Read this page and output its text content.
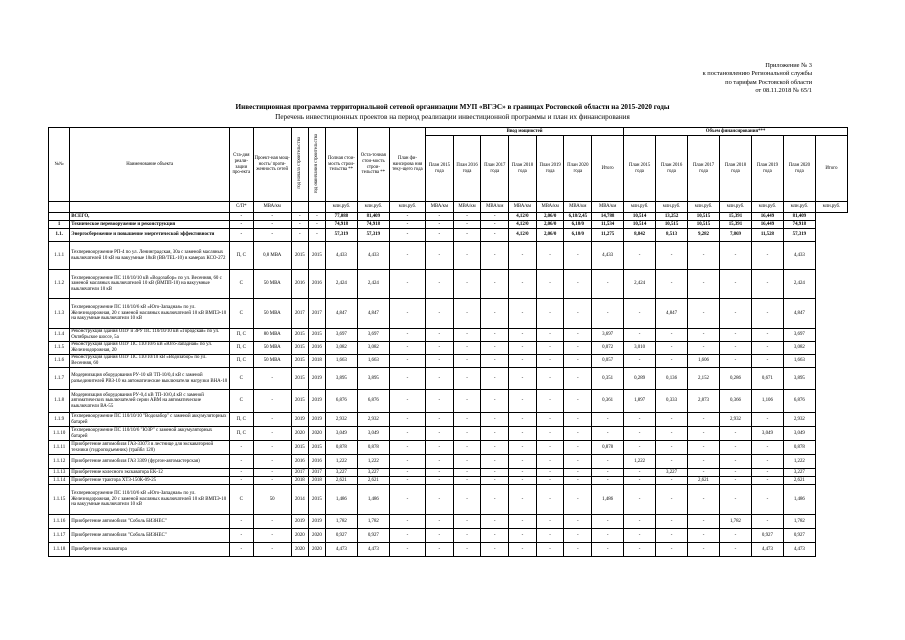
Приложение № 3
к постановлению Региональной службы
по тарифам Ростовской области
от 08.11.2018 № 65/1
Инвестиционная программа территориальной сетевой организации МУП «ВГЭС» в границах Ростовской области на 2015-2020 годы
Перечень инвестиционных проектов на период реализации инвестиционной программы и план их финансирования
№№	Наименование объекта	Ста-дия реали-зации про-екта	Проект-ная мощ-ность/ протя-женность сетей	год начала строительства	год окончания строительства	Полная стои-мость строи-тельства **	Оста-точная стои-мость строи-тельства **	План фи-нансирова ния теку-щего года	Ввод мощностей							Объем финансирования***						
									План 2015 года	План 2016 года	План 2017 года	План 2018 года	План 2019 года	План 2020 года	Итого	План 2015 года	План 2016 года	План 2017 года	План 2018 года	План 2019 года	План 2020 года	Итого
		С/П*	МВА/км			млн.руб.	млн.руб.	млн.руб.	МВА/км	МВА/км	МВА/км	МВА/км	МВА/км	МВА/км	МВА/км	млн.руб.	млн.руб.	млн.руб.	млн.руб.	млн.руб.	млн.руб.	млн.руб.
	ВСЕГО,	-	-	-	-	77,088	81,409	-	-	-	-	4,12/0	2,06/0	6,18/2,45	14,788	10,514	13,252	10,515	15,391	16,449	81,409	
1	Техническое перевооружение и реконструкция	-	-	-	-	74,918	74,918	-	-	-	-	4,12/0	2,06/0	6,18/0	11,534	10,514	10,515	10,515	15,391	16,449	74,918	
1.1.	Энергосбережение и повышение энергетической эффективности	-	-	-	-	57,319	57,319	-	-	-	-	4,12/0	2,06/0	6,18/0	11,275	8,842	8,513	9,282	7,869	11,528	57,319	
1.1.1	Техперевооружение РП-4 по ул. Ленинградская, 30а с заменой масляных выключателей 10 кВ на вакуумные 10кВ (BB/TEL-10) в камерах КСО-272	П, С	0,8 МВА	2015	2015	4,433	4,433	-	-	-	-	-	-	-	4,433	-	-	-	-	-	4,433	
1.1.2	Техперевооружение ПС 110/10/10 кВ «Водозабор» по ул. Весенняя, 60 с заменой масляных выключателей 10 кВ (ВМПП-10) на вакуумные выключатели 10 кВ	С	50 МВА	2016	2016	2,424	2,424	-	-	-	-	-	-	-	-	2,424	-	-	-	-	2,424	
1.1.3	Техперевооружение ПС 110/10/6 кВ «Юго-Западная» по ул. Железнодорожная, 20 с заменой масляных выключателей 10 кВ ВМПЭ-10 на вакуумные выключатели 10 кВ	С	50 МВА	2017	2017	4,847	4,847	-	-	-	-	-	-	-	-	-	4,847	-	-	-	4,847	
1.1.4	Реконструкция здания ОПУ и ЗРУ ПС 110/10/10 кВ «Городская» по ул. Октябрьское шоссе, 5а	П, С	80 МВА	2015	2015	3,697	3,697	-	-	-	-	-	-	-	3,697	-	-	-	-	-	3,697	
1.1.5	Реконструкция здания ОПУ ПС 110/10/6 кВ «Юго-Западная» по ул. Железнодорожная, 20	П, С	50 МВА	2015	2016	3,082	3,082	-	-	-	-	-	-	-	0,072	3,010	-	-	-	-	3,082	
1.1.6	Реконструкция здания ОПУ ПС 110/10/10 кВ «Водозабор» по ул. Весенняя, 60	П, С	50 МВА	2015	2018	1,663	1,663	-	-	-	-	-	-	-	0,057	-	-	1,606	-	-	1,663	
1.1.7	Модернизация оборудования РУ-10 кВ ТП-10/0,4 кВ с заменой разъединителей РВЗ-10 на автоматические выключатели нагрузки ВНА-10	С	-	2015	2019	3,895	3,895	-	-	-	-	-	-	-	0,351	0,289	0,136	2,152	0,286	0,671	3,895	
1.1.8	Модернизация оборудования РУ-0,4 кВ ТП-10/0,4 кВ с заменой автоматических выключателей серии АВМ на автоматические выключатели ВА-55	С	-	2015	2019	6,876	6,876	-	-	-	-	-	-	-	0,361	1,897	0,333	2,873	0,366	1,106	6,876	
1.1.9	Техперевооружение ПС 110/10/10 "Водозабор" с заменой аккумуляторных батарей	П, С	-	2019	2019	2,932	2,932	-	-	-	-	-	-	-	-	-	-	-	2,932	-	2,932	
1.1.10	Техперевооружение ПС 110/10/6 "ЮЗР" с заменой аккумуляторных батарей	П, С	-	2020	2020	3,049	3,049	-	-	-	-	-	-	-	-	-	-	-	-	3,049	3,049	
1.1.11	Приобретение автомобиля ГАЗ-33073 в лестнице для экскаваторной техники (гидроподъемник) (трайбл 120)	-	-	2015	2015	0,878	0,878	-	-	-	-	-	-	-	0,878	-	-	-	-	-	0,878	
1.1.12	Приобретение автомобиля ГАЗ 3309 (фургон-автомастерская)	-	-	2016	2016	1,222	1,222	-	-	-	-	-	-	-	-	1,222	-	-	-	-	1,222	
1.1.13	Приобретение колесного экскаватора ЕК-12	-	-	2017	2017	3,227	3,227	-	-	-	-	-	-	-	-	-	3,227	-	-	-	3,227	
1.1.14	Приобретение трактора ХТЗ-150К-09-25	-	-	2018	2018	2,621	2,621	-	-	-	-	-	-	-	-	-	-	2,621	-	-	2,621	
1.1.15	Техперевооружение ПС 110/10/6 кВ «Юго-Западная» по ул. Железнодорожная, 20 с заменой масляных выключателей 10 кВ ВМПЭ-10 на вакуумные выключатели 10 кВ	С	50	2014	2015	1,486	1,486	-	-	-	-	-	-	-	1,486	-	-	-	-	-	1,486	
1.1.16	Приобретение автомобиля "Соболь БИЗНЕС"	-	-	2019	2019	1,782	1,782	-	-	-	-	-	-	-	-	-	-	-	1,782	-	1,782	
1.1.17	Приобретение автомобиля "Соболь БИЗНЕС"	-	-	2020	2020	0,927	0,927	-	-	-	-	-	-	-	-	-	-	-	-	0,927	0,927	
1.1.18	Приобретение экскаватора	-	-	2020	2020	4,473	4,473	-	-	-	-	-	-	-	-	-	-	-	-	4,473	4,473	
